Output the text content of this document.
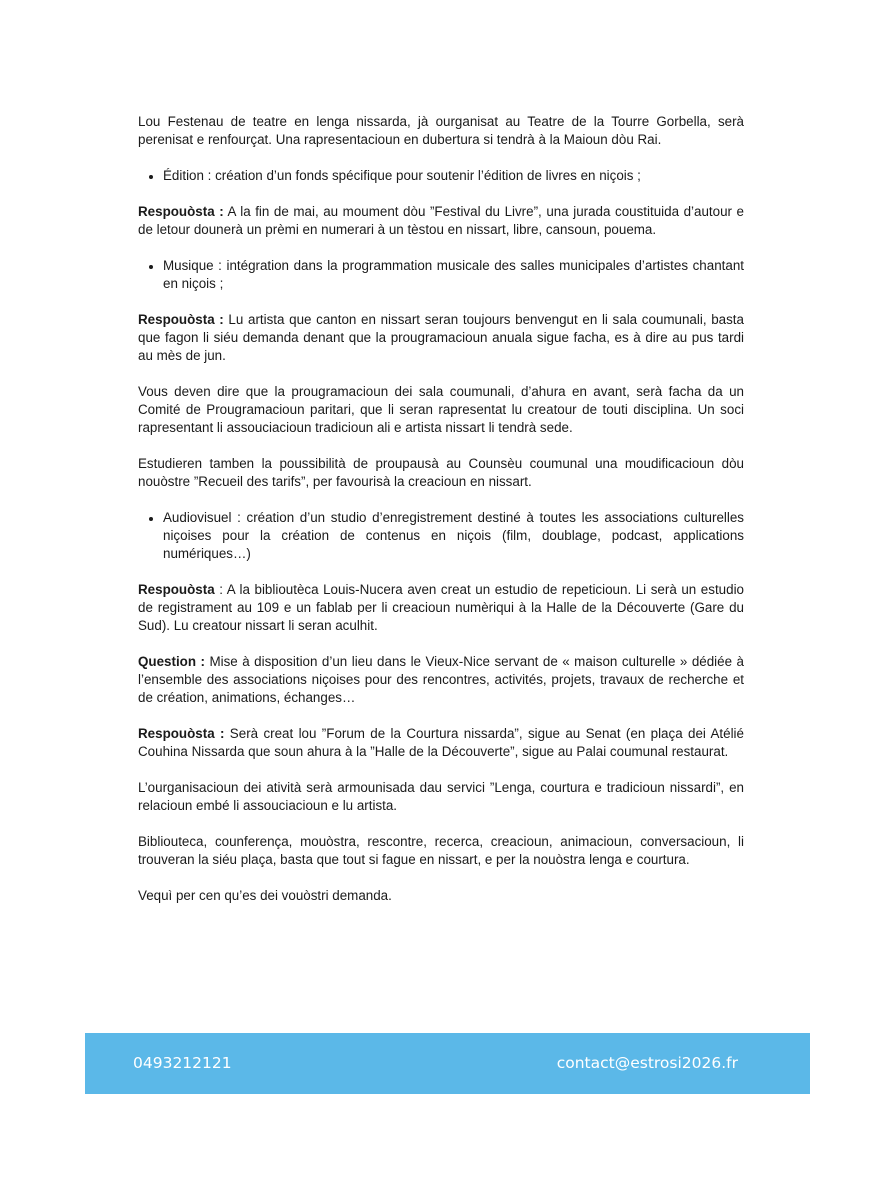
Lou Festenau de teatre en lenga nissarda, jà ourganisat au Teatre de la Tourre Gorbella, serà perenisat e renfourçat. Una rapresentacioun en dubertura si tendrà à la Maioun dòu Rai.

• Édition : création d’un fonds spécifique pour soutenir l’édition de livres en niçois ;

Respouòsta : A la fin de mai, au moument dòu ”Festival du Livre”, una jurada coustituida d’autour e de letour dounerà un prèmi en numerari à un tèstou en nissart, libre, cansoun, pouema.

• Musique : intégration dans la programmation musicale des salles municipales d’artistes chantant en niçois ;

Respouòsta : Lu artista que canton en nissart seran toujours benvengut en li sala coumunali, basta que fagon li siéu demanda denant que la prougramacioun anuala sigue facha, es à dire au pus tardi au mès de jun.

Vous deven dire que la prougramacioun dei sala coumunali, d’ahura en avant, serà facha da un Comité de Prougramacioun paritari, que li seran rapresentat lu creatour de touti disciplina. Un soci rapresentant li assouciacioun tradicioun ali e artista nissart li tendrà sede.

Estudieren tamben la poussibilità de proupausà au Counsèu coumunal una moudificacioun dòu nouòstre ”Recueil des tarifs”, per favourisà la creacioun en nissart.

• Audiovisuel : création d’un studio d’enregistrement destiné à toutes les associations culturelles niçoises pour la création de contenus en niçois (film, doublage, podcast, applications numériques…)

Respouòsta : A la biblioutèca Louis-Nucera aven creat un estudio de repeticioun. Li serà un estudio de registrament au 109 e un fablab per li creacioun numèriqui à la Halle de la Découverte (Gare du Sud). Lu creatour nissart li seran aculhit.

Question : Mise à disposition d’un lieu dans le Vieux-Nice servant de « maison culturelle » dédiée à l’ensemble des associations niçoises pour des rencontres, activités, projets, travaux de recherche et de création, animations, échanges…

Respouòsta : Serà creat lou ”Forum de la Courtura nissarda”, sigue au Senat (en plaça dei Atélié Couhina Nissarda que soun ahura à la ”Halle de la Découverte”, sigue au Palai coumunal restaurat.

L’ourganisacioun dei atività serà armounisada dau servici ”Lenga, courtura e tradicioun nissardi”, en relacioun embé li assouciacioun e lu artista.

Bibliouteca, counferença, mouòstra, rescontre, recerca, creacioun, animacioun, conversacioun, li trouveran la siéu plaça, basta que tout si fague en nissart, e per la nouòstra lenga e courtura.

Vequì per cen qu’es dei vouòstri demanda.

0493212121	contact@estrosi2026.fr
